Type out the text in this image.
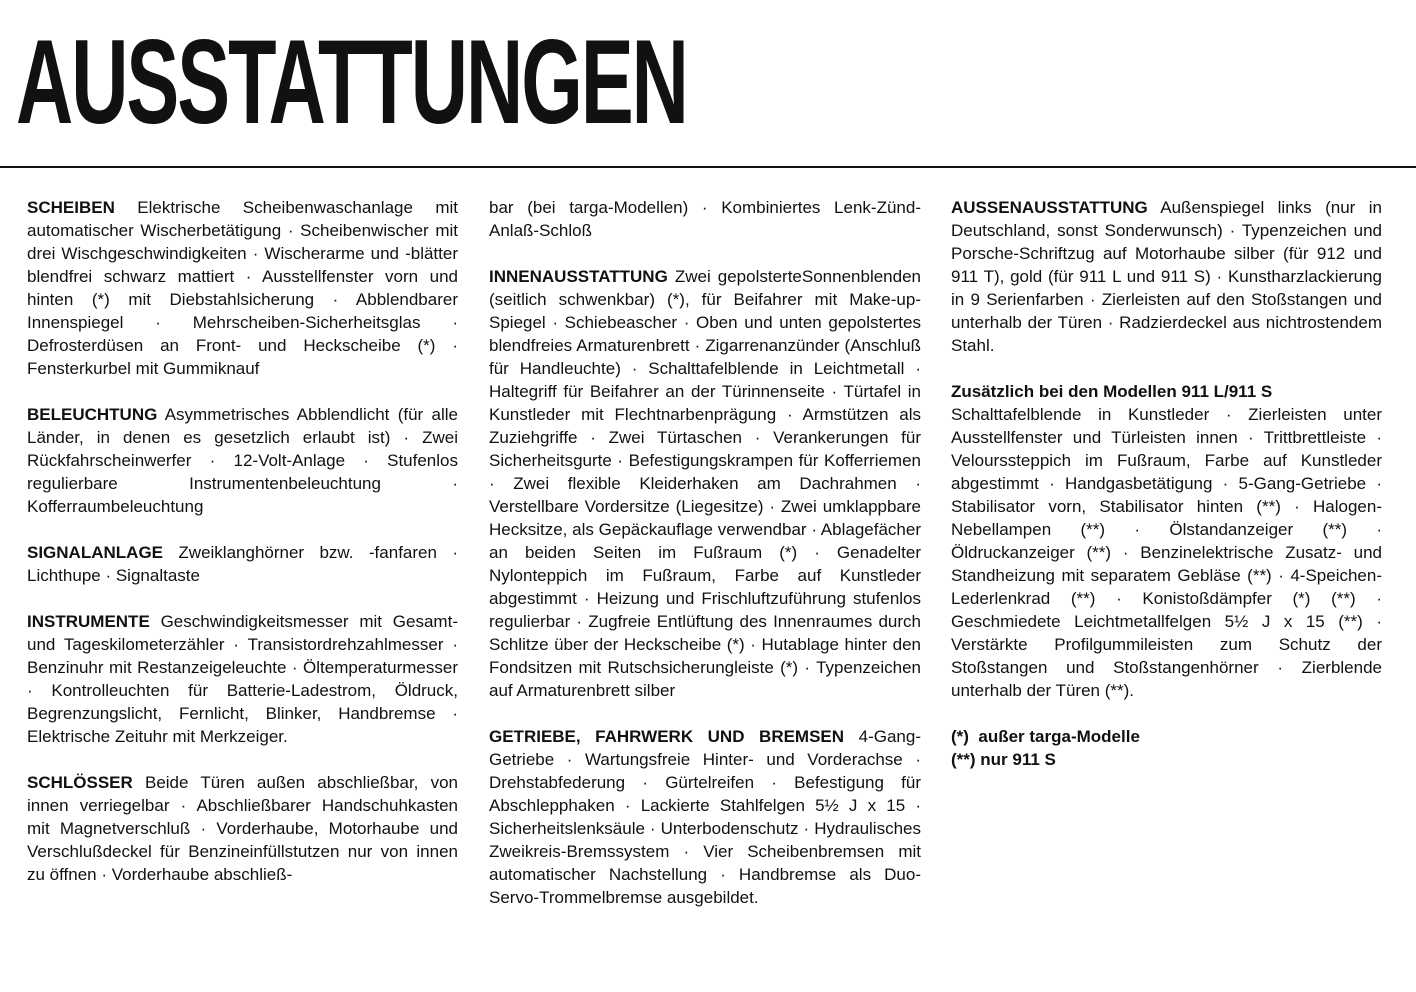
AUSSTATTUNGEN

SCHEIBEN Elektrische Scheibenwaschanlage mit automatischer Wischerbetätigung · Scheibenwischer mit drei Wischgeschwindigkeiten · Wischerarme und -blätter blendfrei schwarz mattiert · Ausstellfenster vorn und hinten (*) mit Diebstahlsicherung · Abblendbarer Innenspiegel · Mehrscheiben-Sicherheitsglas · Defrosterdüsen an Front- und Heckscheibe (*) · Fensterkurbel mit Gummiknauf

BELEUCHTUNG Asymmetrisches Abblendlicht (für alle Länder, in denen es gesetzlich erlaubt ist) · Zwei Rückfahrscheinwerfer · 12-Volt-Anlage · Stufenlos regulierbare Instrumentenbeleuchtung · Kofferraumbeleuchtung

SIGNALANLAGE Zweiklanghörner bzw. -fanfaren · Lichthupe · Signaltaste

INSTRUMENTE Geschwindigkeitsmesser mit Gesamt- und Tageskilometerzähler · Transistordrehzahlmesser · Benzinuhr mit Restanzeigeleuchte · Öltemperaturmesser · Kontrolleuchten für Batterie-Ladestrom, Öldruck, Begrenzungslicht, Fernlicht, Blinker, Handbremse · Elektrische Zeituhr mit Merkzeiger.

SCHLÖSSER Beide Türen außen abschließbar, von innen verriegelbar · Abschließbarer Handschuhkasten mit Magnetverschluß · Vorderhaube, Motorhaube und Verschlußdeckel für Benzineinfüllstutzen nur von innen zu öffnen · Vorderhaube abschließ-

bar (bei targa-Modellen) · Kombiniertes Lenk-Zünd-Anlaß-Schloß

INNENAUSSTATTUNG Zwei gepolsterteSonnenblenden (seitlich schwenkbar) (*), für Beifahrer mit Make-up-Spiegel · Schiebeascher · Oben und unten gepolstertes blendfreies Armaturenbrett · Zigarrenanzünder (Anschluß für Handleuchte) · Schalttafelblende in Leichtmetall · Haltegriff für Beifahrer an der Türinnenseite · Türtafel in Kunstleder mit Flechtnarbenprägung · Armstützen als Zuziehgriffe · Zwei Türtaschen · Verankerungen für Sicherheitsgurte · Befestigungskrampen für Kofferriemen · Zwei flexible Kleiderhaken am Dachrahmen · Verstellbare Vordersitze (Liegesitze) · Zwei umklappbare Hecksitze, als Gepäckauflage verwendbar · Ablagefächer an beiden Seiten im Fußraum (*) · Genadelter Nylonteppich im Fußraum, Farbe auf Kunstleder abgestimmt · Heizung und Frischluftzuführung stufenlos regulierbar · Zugfreie Entlüftung des Innenraumes durch Schlitze über der Heckscheibe (*) · Hutablage hinter den Fondsitzen mit Rutschsicherungleiste (*) · Typenzeichen auf Armaturenbrett silber

GETRIEBE, FAHRWERK UND BREMSEN 4-Gang-Getriebe · Wartungsfreie Hinter- und Vorderachse · Drehstabfederung · Gürtelreifen · Befestigung für Abschlepphaken · Lackierte Stahlfelgen 5½ J x 15 · Sicherheitslenksäule · Unterbodenschutz · Hydraulisches Zweikreis-Bremssystem · Vier Scheibenbremsen mit automatischer Nachstellung · Handbremse als Duo-Servo-Trommelbremse ausgebildet.

AUSSENAUSSTATTUNG Außenspiegel links (nur in Deutschland, sonst Sonderwunsch) · Typenzeichen und Porsche-Schriftzug auf Motorhaube silber (für 912 und 911 T), gold (für 911 L und 911 S) · Kunstharzlackierung in 9 Serienfarben · Zierleisten auf den Stoßstangen und unterhalb der Türen · Radzierdeckel aus nichtrostendem Stahl.

Zusätzlich bei den Modellen 911 L/911 S

Schalttafelblende in Kunstleder · Zierleisten unter Ausstellfenster und Türleisten innen · Trittbrettleiste · Velourssteppich im Fußraum, Farbe auf Kunstleder abgestimmt · Handgasbetätigung · 5-Gang-Getriebe · Stabilisator vorn, Stabilisator hinten (**) · Halogen-Nebellampen (**) · Ölstandanzeiger (**) · Öldruckanzeiger (**) · Benzinelektrische Zusatz- und Standheizung mit separatem Gebläse (**) · 4-Speichen-Lederlenkrad (**) · Konistoßdämpfer (*) (**) · Geschmiedete Leichtmetallfelgen 5½ J x 15 (**) · Verstärkte Profilgummileisten zum Schutz der Stoßstangen und Stoßstangenhörner · Zierblende unterhalb der Türen (**).

(*)  außer targa-Modelle

(**) nur 911 S
